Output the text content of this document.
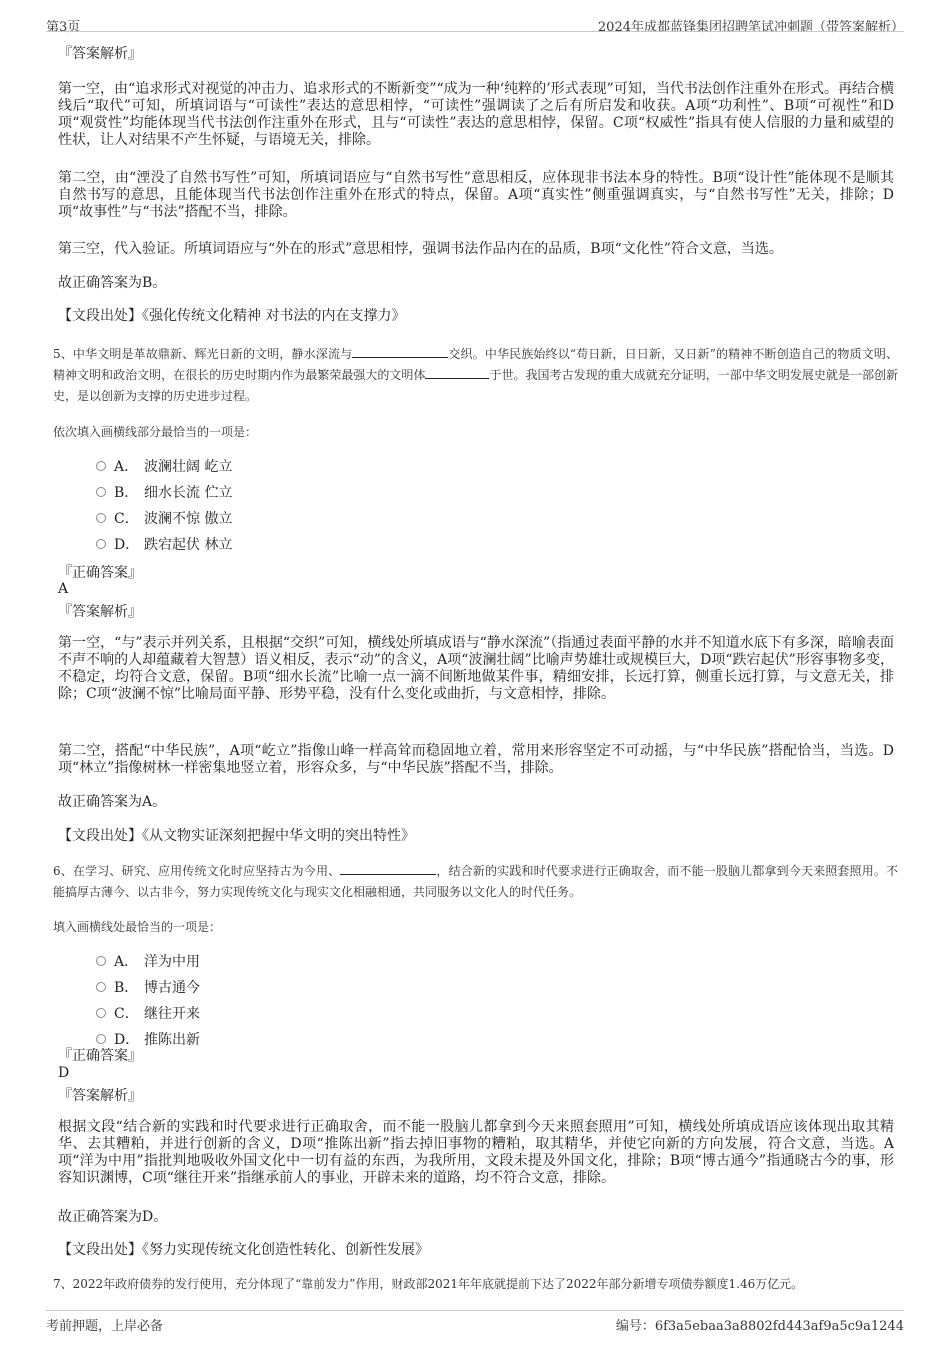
第3页	2024年成都蓝锋集团招聘笔试冲刺题（带答案解析）
『答案解析』
第一空，由“追求形式对视觉的冲击力、追求形式的不断新变”“成为一种‘纯粹的’形式表现”可知，当代书法创作注重外在形式。再结合横线后“取代”可知，所填词语与“可读性”表达的意思相悖，“可读性”强调读了之后有所启发和收获。A项“功利性”、B项“可视性”和D项“观赏性”均能体现当代书法创作注重外在形式，且与“可读性”表达的意思相悖，保留。C项“权威性”指具有使人信服的力量和威望的性状，让人对结果不产生怀疑，与语境无关，排除。
第二空，由“湮没了自然书写性”可知，所填词语应与“自然书写性”意思相反，应体现非书法本身的特性。B项“设计性”能体现不是顺其自然书写的意思，且能体现当代书法创作注重外在形式的特点，保留。A项“真实性”侧重强调真实，与“自然书写性”无关，排除；D项“故事性”与“书法”搭配不当，排除。
第三空，代入验证。所填词语应与“外在的形式”意思相悖，强调书法作品内在的品质，B项“文化性”符合文意，当选。
故正确答案为B。
【文段出处】《强化传统文化精神 对书法的内在支撑力》
5、中华文明是革故鼎新、辉光日新的文明，静水深流与	交织。中华民族始终以“苟日新，日日新，又日新”的精神不断创造自己的物质文明、精神文明和政治文明，在很长的历史时期内作为最繁荣最强大的文明体	于世。我国考古发现的重大成就充分证明，一部中华文明发展史就是一部创新史，是以创新为支撑的历史进步过程。
依次填入画横线部分最恰当的一项是：
A． 波澜壮阔 屹立
B． 细水长流 伫立
C． 波澜不惊 傲立
D． 跌宕起伏 林立
『正确答案』
A
『答案解析』
第一空，“与”表示并列关系，且根据“交织”可知，横线处所填成语与“静水深流”（指通过表面平静的水并不知道水底下有多深，暗喻表面不声不响的人却蕴藏着大智慧）语义相反，表示“动”的含义，A项“波澜壮阔”比喻声势雄壮或规模巨大，D项“跌宕起伏”形容事物多变，不稳定，均符合文意，保留。B项“细水长流”比喻一点一滴不间断地做某件事，精细安排，长远打算，侧重长远打算，与文意无关，排除；C项“波澜不惊”比喻局面平静、形势平稳，没有什么变化或曲折，与文意相悖，排除。
第二空，搭配“中华民族”，A项“屹立”指像山峰一样高耸而稳固地立着，常用来形容坚定不可动摇，与“中华民族”搭配恰当，当选。D项“林立”指像树林一样密集地竖立着，形容众多，与“中华民族”搭配不当，排除。
故正确答案为A。
【文段出处】《从文物实证深刻把握中华文明的突出特性》
6、在学习、研究、应用传统文化时应坚持古为今用、	，结合新的实践和时代要求进行正确取舍，而不能一股脑儿都拿到今天来照套照用。不能搞厚古薄今、以古非今，努力实现传统文化与现实文化相融相通，共同服务以文化人的时代任务。
填入画横线处最恰当的一项是：
A． 洋为中用
B． 博古通今
C． 继往开来
D． 推陈出新
『正确答案』
D
『答案解析』
根据文段“结合新的实践和时代要求进行正确取舍，而不能一股脑儿都拿到今天来照套照用”可知，横线处所填成语应该体现出取其精华、去其糟粕，并进行创新的含义，D项“推陈出新”指去掉旧事物的糟粕，取其精华，并使它向新的方向发展，符合文意，当选。A项“洋为中用”指批判地吸收外国文化中一切有益的东西，为我所用，文段未提及外国文化，排除；B项“博古通今”指通晓古今的事，形容知识渊博，C项“继往开来”指继承前人的事业，开辟未来的道路，均不符合文意，排除。
故正确答案为D。
【文段出处】《努力实现传统文化创造性转化、创新性发展》
7、2022年政府债券的发行使用，充分体现了“靠前发力”作用，财政部2021年年底就提前下达了2022年部分新增专项债券额度1.46万亿元。
考前押题，上岸必备	编号：6f3a5ebaa3a8802fd443af9a5c9a1244
